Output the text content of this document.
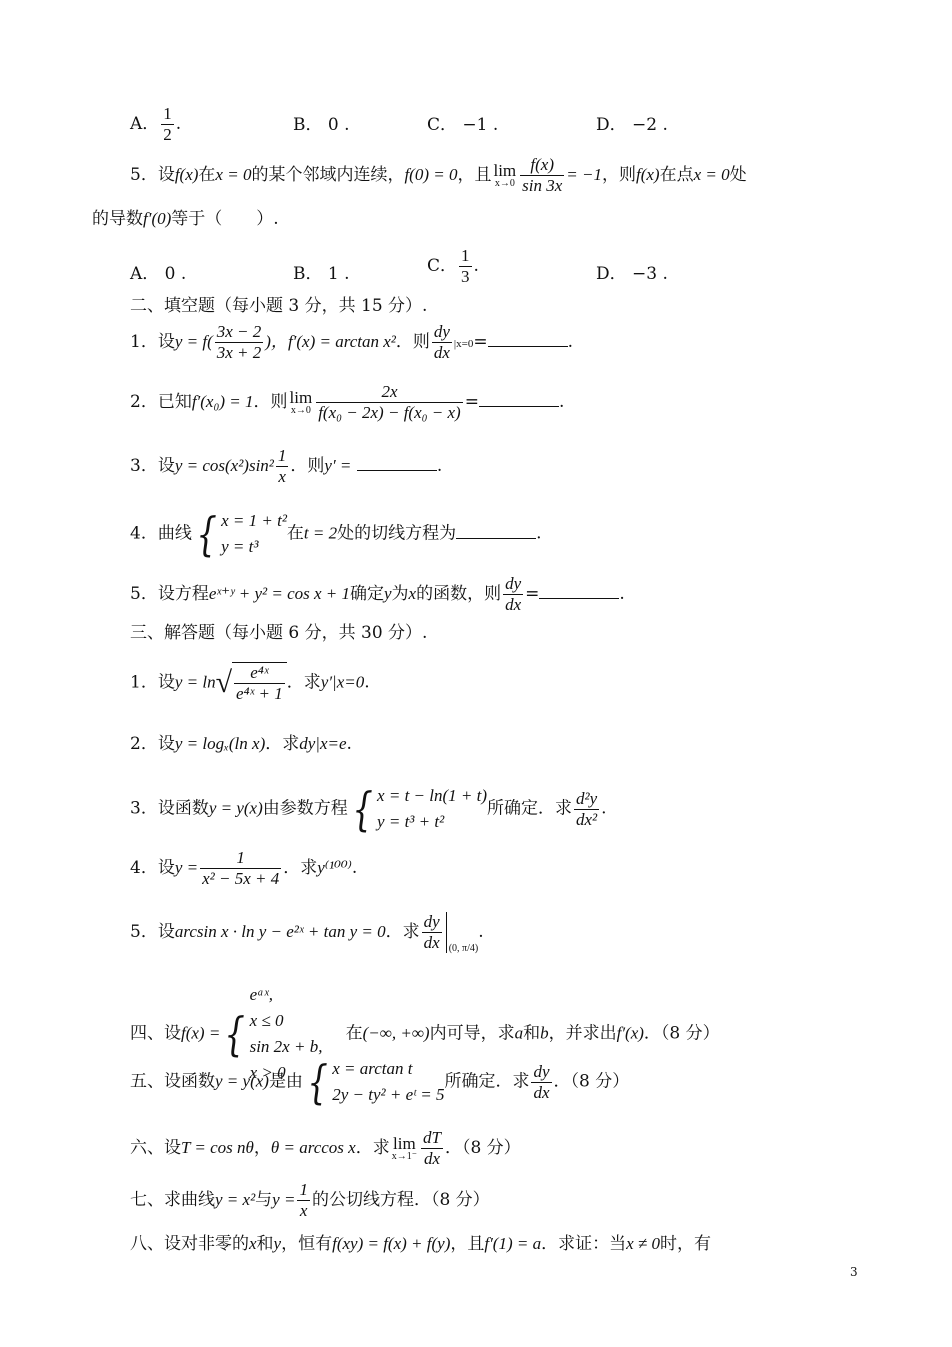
A． $\frac{1}{2}$ .	B． 0 .	C． −1 .	D． −2 .
5．设f(x)在x = 0的某个邻域内连续，f(0) = 0，且 lim
$x\to 0 \frac{f(x)}{\sin 3x} = -1$，则f(x)在点x = 0处
的导数f′(0)等于（　　）.
A． 0 .	B． 1 .	C． $\frac{1}{3}$ .	D． −3 .
二、填空题（每小题 3 分，共 15 分）.
1．设$y = f( \frac{3x - 2}{3x + 2}$ )，f′(x) = arctan x²．则 $\frac{dy}{dx} |x=0=$	.
2．已知f′(x₀) = 1．则 lim
$x\to 0 \frac{2x}{\text{f(x₀ − 2x) − f(x₀ − x)}}$ =	.
3．设$y = \cos(x^2)\sin^2 \frac{1}{x}$ ．则y′ =	.
4．曲线 { x = 1 + t²
y = t³
在t = 2处的切线方程为	.
5．设方程eˣ⁺ʸ + y² = cos x + 1确定y为x的函数，则 $\frac{dy}{dx}$ =	.
三、解答题（每小题 6 分，共 30 分）.
1．设$y = \ln√ \frac{\text{e⁴ˣ}}{\text{e⁴ˣ + 1}}$ ．求y′|x=0.
2．设y = logₓ(ln x)．求dy|x=e.
3．设函数y = y(x)由参数方程 { x = t − ln(1 + t)
y = t³ + t²
所确定．求 $\frac{\text{d²y}}{\text{dx²}}$ .
4．设$y = \frac{1}{\text{x² − 5x + 4}}$ ．求y⁽¹⁰⁰⁾.
5．设arcsin x · ln y − e²ˣ + tan y = 0．求 $\frac{dy}{dx} _{(0, \pi/4)}$.
四、设f(x) = {
eᵃˣ,
x ≤ 0
sin 2x + b,
x > 0
在(−∞, +∞)内可导，求a和b，并求出f′(x)．（8 分）
五、设函数y = y(x)是由 { x = arctan t
2y − ty² + eᵗ = 5
所确定．求 $\frac{dy}{dx}$ ．（8 分）
六、设T = cos nθ，θ = arccos x．求 lim
$x\to 1^- \frac{dT}{dx}$ ．（8 分）
七、求曲线y = x²与$y = \frac{1}{x}$ 的公切线方程．（8 分）
八、设对非零的x和y，恒有f(xy) = f(x) + f(y)，且f′(1) = a．求证：当x ≠ 0时，有
3
